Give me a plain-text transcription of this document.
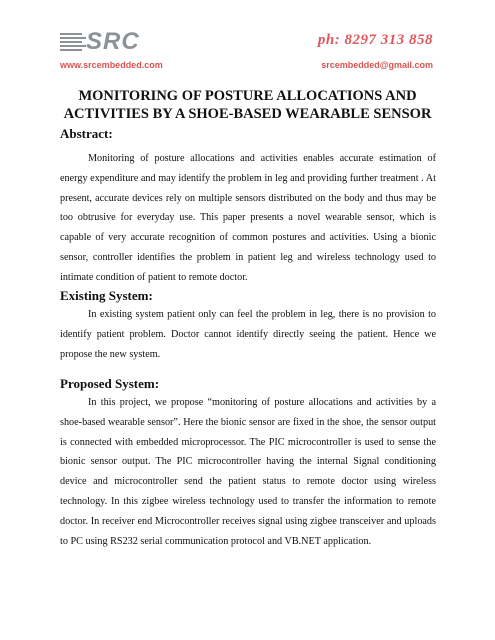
SRC
www.srcembedded.com
ph: 8297 313 858
srcembedded@gmail.com
MONITORING OF POSTURE ALLOCATIONS AND ACTIVITIES BY A SHOE-BASED WEARABLE SENSOR
Abstract:

Monitoring of posture allocations and activities enables accurate estimation of energy expenditure and may identify the problem in leg and providing further treatment . At present, accurate devices rely on multiple sensors distributed on the body and thus may be too obtrusive for everyday use. This paper presents a novel wearable sensor, which is capable of very accurate recognition of common postures and activities. Using a bionic sensor, controller identifies the problem in patient leg and wireless technology used to intimate condition of patient to remote doctor.

Existing System:

In existing system patient only can feel the problem in leg, there is no provision to identify patient problem. Doctor cannot identify directly seeing the patient. Hence we propose the new system.

Proposed System:

In this project, we propose “monitoring of posture allocations and activities by a shoe-based wearable sensor”. Here the bionic sensor are fixed in the shoe, the sensor output is connected with embedded microprocessor. The PIC microcontroller is used to sense the bionic sensor output. The PIC microcontroller having the internal Signal conditioning device and microcontroller send the patient status to remote doctor using wireless technology. In this zigbee wireless technology used to transfer the information to remote doctor. In receiver end Microcontroller receives signal using zigbee transceiver and uploads to PC using RS232 serial communication protocol and VB.NET application.
